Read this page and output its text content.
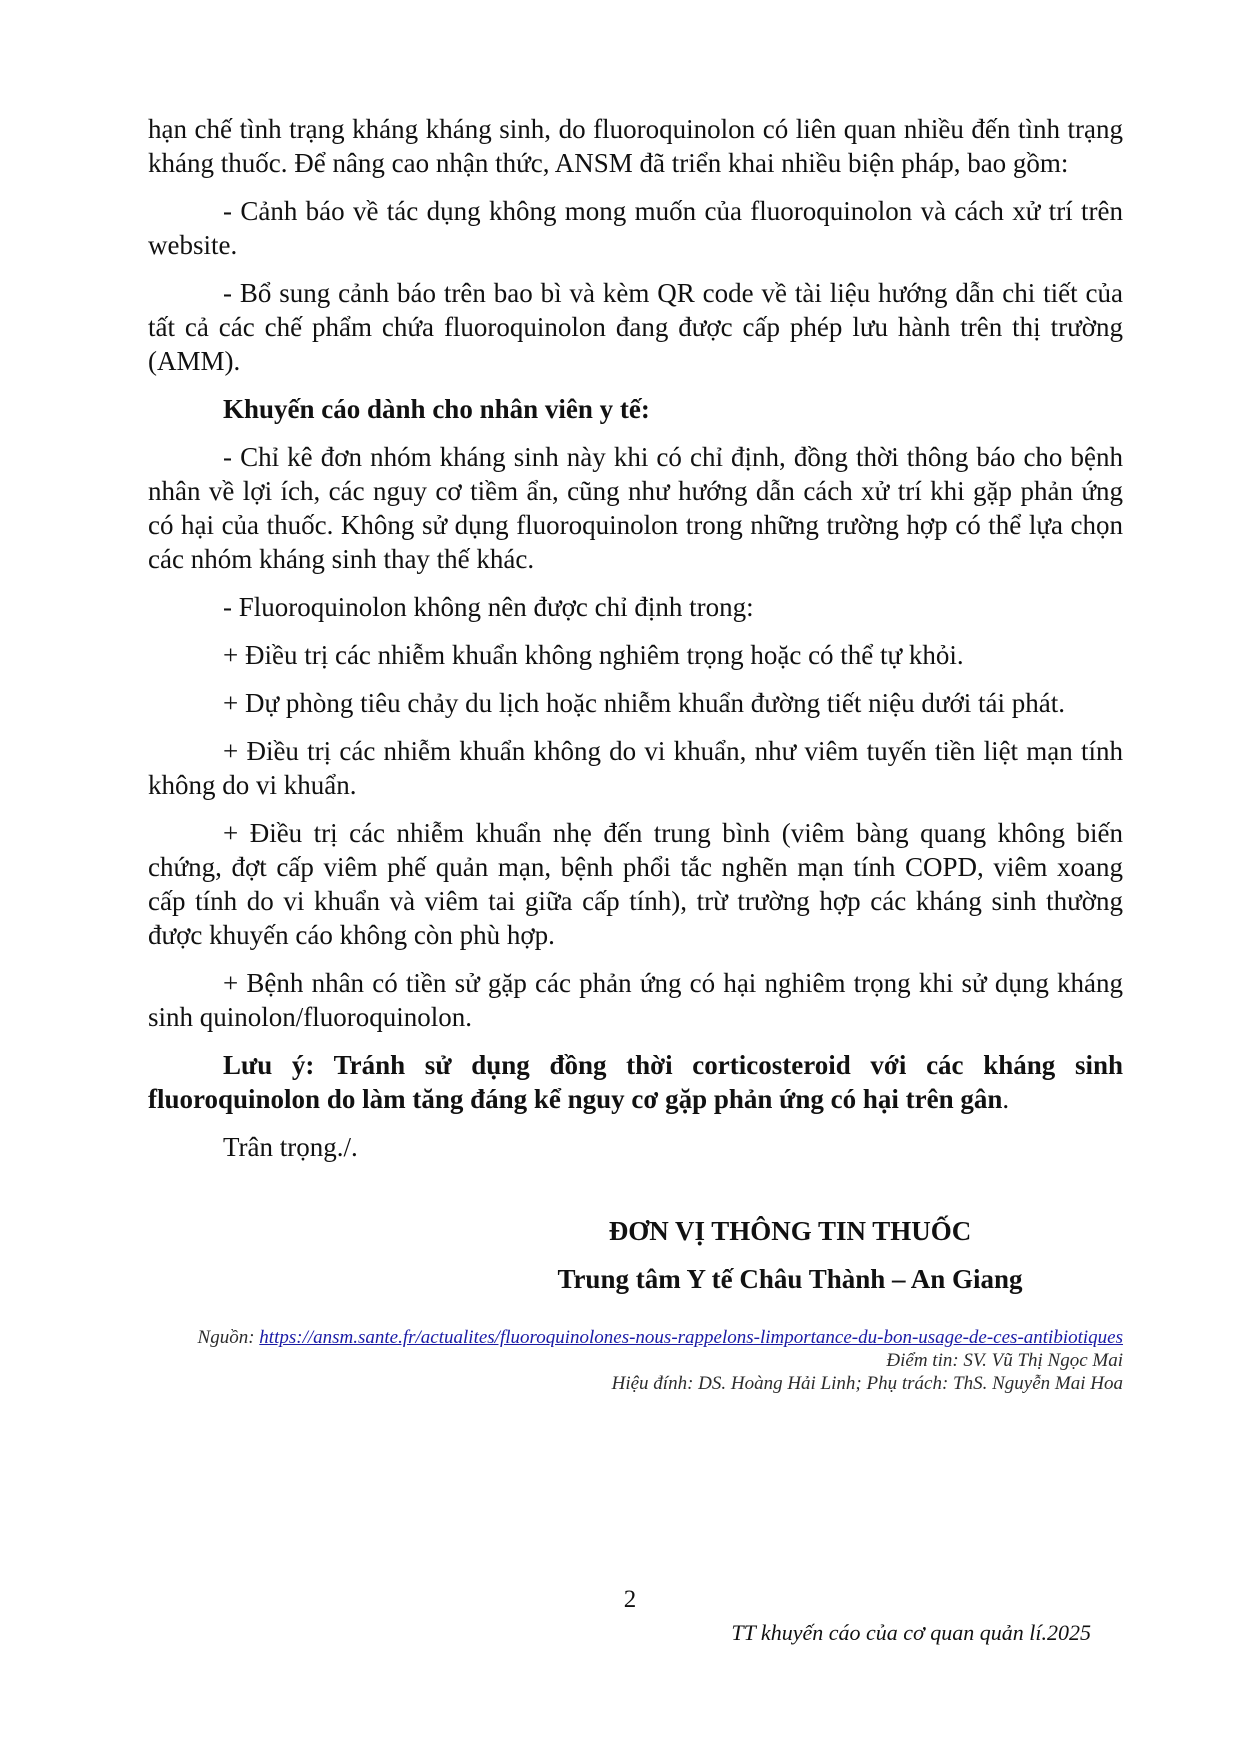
hạn chế tình trạng kháng kháng sinh, do fluoroquinolon có liên quan nhiều đến tình trạng kháng thuốc. Để nâng cao nhận thức, ANSM đã triển khai nhiều biện pháp, bao gồm:

- Cảnh báo về tác dụng không mong muốn của fluoroquinolon và cách xử trí trên website.

- Bổ sung cảnh báo trên bao bì và kèm QR code về tài liệu hướng dẫn chi tiết của tất cả các chế phẩm chứa fluoroquinolon đang được cấp phép lưu hành trên thị trường (AMM).

Khuyến cáo dành cho nhân viên y tế:

- Chỉ kê đơn nhóm kháng sinh này khi có chỉ định, đồng thời thông báo cho bệnh nhân về lợi ích, các nguy cơ tiềm ẩn, cũng như hướng dẫn cách xử trí khi gặp phản ứng có hại của thuốc. Không sử dụng fluoroquinolon trong những trường hợp có thể lựa chọn các nhóm kháng sinh thay thế khác.

- Fluoroquinolon không nên được chỉ định trong:

+ Điều trị các nhiễm khuẩn không nghiêm trọng hoặc có thể tự khỏi.

+ Dự phòng tiêu chảy du lịch hoặc nhiễm khuẩn đường tiết niệu dưới tái phát.

+ Điều trị các nhiễm khuẩn không do vi khuẩn, như viêm tuyến tiền liệt mạn tính không do vi khuẩn.

+ Điều trị các nhiễm khuẩn nhẹ đến trung bình (viêm bàng quang không biến chứng, đợt cấp viêm phế quản mạn, bệnh phổi tắc nghẽn mạn tính COPD, viêm xoang cấp tính do vi khuẩn và viêm tai giữa cấp tính), trừ trường hợp các kháng sinh thường được khuyến cáo không còn phù hợp.

+ Bệnh nhân có tiền sử gặp các phản ứng có hại nghiêm trọng khi sử dụng kháng sinh quinolon/fluoroquinolon.

Lưu ý: Tránh sử dụng đồng thời corticosteroid với các kháng sinh fluoroquinolon do làm tăng đáng kể nguy cơ gặp phản ứng có hại trên gân.

Trân trọng./.

ĐƠN VỊ THÔNG TIN THUỐC
Trung tâm Y tế Châu Thành – An Giang
Nguồn: https://ansm.sante.fr/actualites/fluoroquinolones-nous-rappelons-limportance-du-bon-usage-de-ces-antibiotiques
Điểm tin: SV. Vũ Thị Ngọc Mai
Hiệu đính: DS. Hoàng Hải Linh; Phụ trách: ThS. Nguyễn Mai Hoa
2
TT khuyến cáo của cơ quan quản lí.2025
